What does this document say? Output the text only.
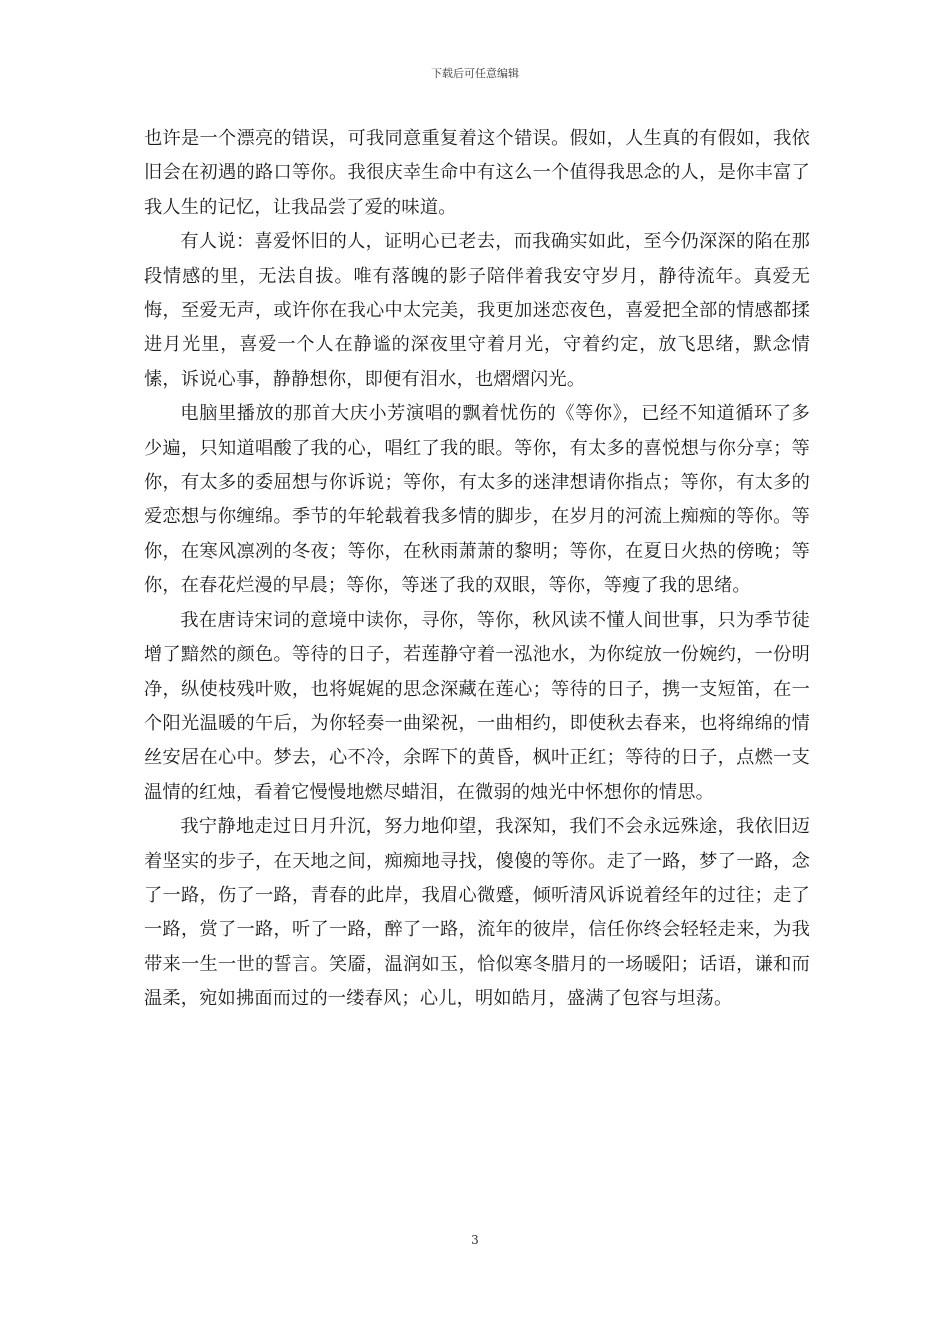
下载后可任意编辑

也许是一个漂亮的错误，可我同意重复着这个错误。假如，人生真的有假如，我依旧会在初遇的路口等你。我很庆幸生命中有这么一个值得我思念的人，是你丰富了我人生的记忆，让我品尝了爱的味道。

有人说：喜爱怀旧的人，证明心已老去，而我确实如此，至今仍深深的陷在那段情感的里，无法自拔。唯有落魄的影子陪伴着我安守岁月，静待流年。真爱无悔，至爱无声，或许你在我心中太完美，我更加迷恋夜色，喜爱把全部的情感都揉进月光里，喜爱一个人在静谧的深夜里守着月光，守着约定，放飞思绪，默念情愫，诉说心事，静静想你，即便有泪水，也熠熠闪光。

电脑里播放的那首大庆小芳演唱的飘着忧伤的《等你》，已经不知道循环了多少遍，只知道唱酸了我的心，唱红了我的眼。等你，有太多的喜悦想与你分享；等你，有太多的委屈想与你诉说；等你，有太多的迷津想请你指点；等你，有太多的爱恋想与你缠绵。季节的年轮载着我多情的脚步，在岁月的河流上痴痴的等你。等你，在寒风凛冽的冬夜；等你，在秋雨萧萧的黎明；等你，在夏日火热的傍晚；等你，在春花烂漫的早晨；等你，等迷了我的双眼，等你，等瘦了我的思绪。

我在唐诗宋词的意境中读你，寻你，等你，秋风读不懂人间世事，只为季节徒增了黯然的颜色。等待的日子，若莲静守着一泓池水，为你绽放一份婉约，一份明净，纵使枝残叶败，也将娓娓的思念深藏在莲心；等待的日子，携一支短笛，在一个阳光温暖的午后，为你轻奏一曲梁祝，一曲相约，即使秋去春来，也将绵绵的情丝安居在心中。梦去，心不冷，余晖下的黄昏，枫叶正红；等待的日子，点燃一支温情的红烛，看着它慢慢地燃尽蜡泪，在微弱的烛光中怀想你的情思。

我宁静地走过日月升沉，努力地仰望，我深知，我们不会永远殊途，我依旧迈着坚实的步子，在天地之间，痴痴地寻找，傻傻的等你。走了一路，梦了一路，念了一路，伤了一路，青春的此岸，我眉心微蹙，倾听清风诉说着经年的过往；走了一路，赏了一路，听了一路，醉了一路，流年的彼岸，信任你终会轻轻走来，为我带来一生一世的誓言。笑靥，温润如玉，恰似寒冬腊月的一场暖阳；话语，谦和而温柔，宛如拂面而过的一缕春风；心儿，明如皓月，盛满了包容与坦荡。

3
